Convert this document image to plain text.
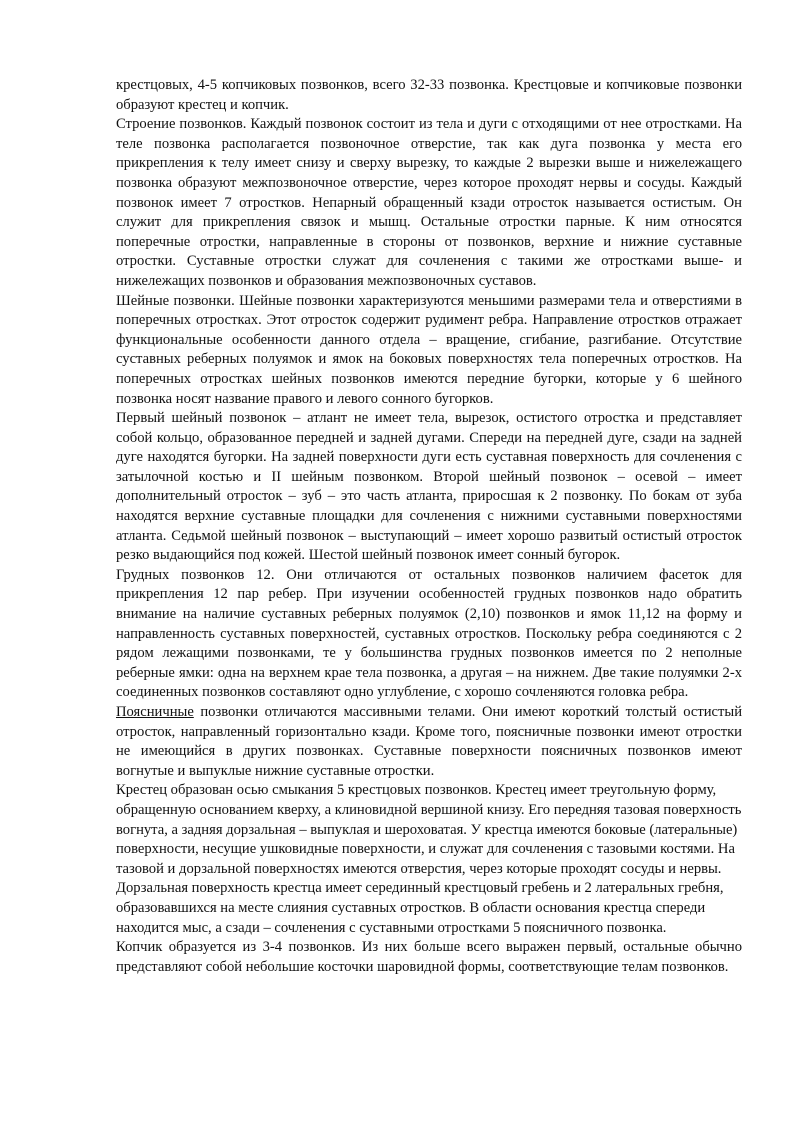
крестцовых, 4-5 копчиковых позвонков, всего 32-33 позвонка. Крестцовые и копчиковые позвонки образуют крестец и копчик.

Строение позвонков. Каждый позвонок состоит из тела и дуги с отходящими от нее отростками. На теле позвонка располагается позвоночное отверстие, так как дуга позвонка у места его прикрепления к телу имеет снизу и сверху вырезку, то каждые 2 вырезки выше и нижележащего позвонка образуют межпозвоночное отверстие, через которое проходят нервы и сосуды. Каждый позвонок имеет 7 отростков. Непарный обращенный кзади отросток называется остистым. Он служит для прикрепления связок и мышц. Остальные отростки парные. К ним относятся поперечные отростки, направленные в стороны от позвонков, верхние и нижние суставные отростки. Суставные отростки служат для сочленения с такими же отростками выше- и нижележащих позвонков и образования межпозвоночных суставов.

Шейные позвонки. Шейные позвонки характеризуются меньшими размерами тела и отверстиями в поперечных отростках. Этот отросток содержит рудимент ребра. Направление отростков отражает функциональные особенности данного отдела – вращение, сгибание, разгибание. Отсутствие суставных реберных полуямок и ямок на боковых поверхностях тела поперечных отростков. На поперечных отростках шейных позвонков имеются передние бугорки, которые у 6 шейного позвонка носят название правого и левого сонного бугорков.

Первый шейный позвонок – атлант не имеет тела, вырезок, остистого отростка и представляет собой кольцо, образованное передней и задней дугами. Спереди на передней дуге, сзади на задней дуге находятся бугорки. На задней поверхности дуги есть суставная поверхность для сочленения с затылочной костью и II шейным позвонком. Второй шейный позвонок – осевой – имеет дополнительный отросток – зуб – это часть атланта, приросшая к 2 позвонку. По бокам от зуба находятся верхние суставные площадки для сочленения с нижними суставными поверхностями атланта. Седьмой шейный позвонок – выступающий – имеет хорошо развитый остистый отросток резко выдающийся под кожей. Шестой шейный позвонок имеет сонный бугорок.

Грудных позвонков 12. Они отличаются от остальных позвонков наличием фасеток для прикрепления 12 пар ребер. При изучении особенностей грудных позвонков надо обратить внимание на наличие суставных реберных полуямок (2,10) позвонков и ямок 11,12 на форму и направленность суставных поверхностей, суставных отростков. Поскольку ребра соединяются с 2 рядом лежащими позвонками, те у большинства грудных позвонков имеется по 2 неполные реберные ямки: одна на верхнем крае тела позвонка, а другая – на нижнем. Две такие полуямки 2-х соединенных позвонков составляют одно углубление, с хорошо сочленяются головка ребра.

Поясничные позвонки отличаются массивными телами. Они имеют короткий толстый остистый отросток, направленный горизонтально кзади. Кроме того, поясничные позвонки имеют отростки не имеющийся в других позвонках. Суставные поверхности поясничных позвонков имеют вогнутые и выпуклые нижние суставные отростки.

Крестец образован осью смыкания 5 крестцовых позвонков. Крестец имеет треугольную форму, обращенную основанием кверху, а клиновидной вершиной книзу. Его передняя тазовая поверхность вогнута, а задняя дорзальная – выпуклая и шероховатая. У крестца имеются боковые (латеральные) поверхности, несущие ушковидные поверхности, и служат для сочленения с тазовыми костями. На тазовой и дорзальной поверхностях имеются отверстия, через которые проходят сосуды и нервы. Дорзальная поверхность крестца имеет серединный крестцовый гребень и 2 латеральных гребня, образовавшихся на месте слияния суставных отростков. В области основания крестца спереди находится мыс, а сзади – сочленения с суставными отростками 5 поясничного позвонка.

Копчик образуется из 3-4 позвонков. Из них больше всего выражен первый, остальные обычно представляют собой небольшие косточки шаровидной формы, соответствующие телам позвонков.
